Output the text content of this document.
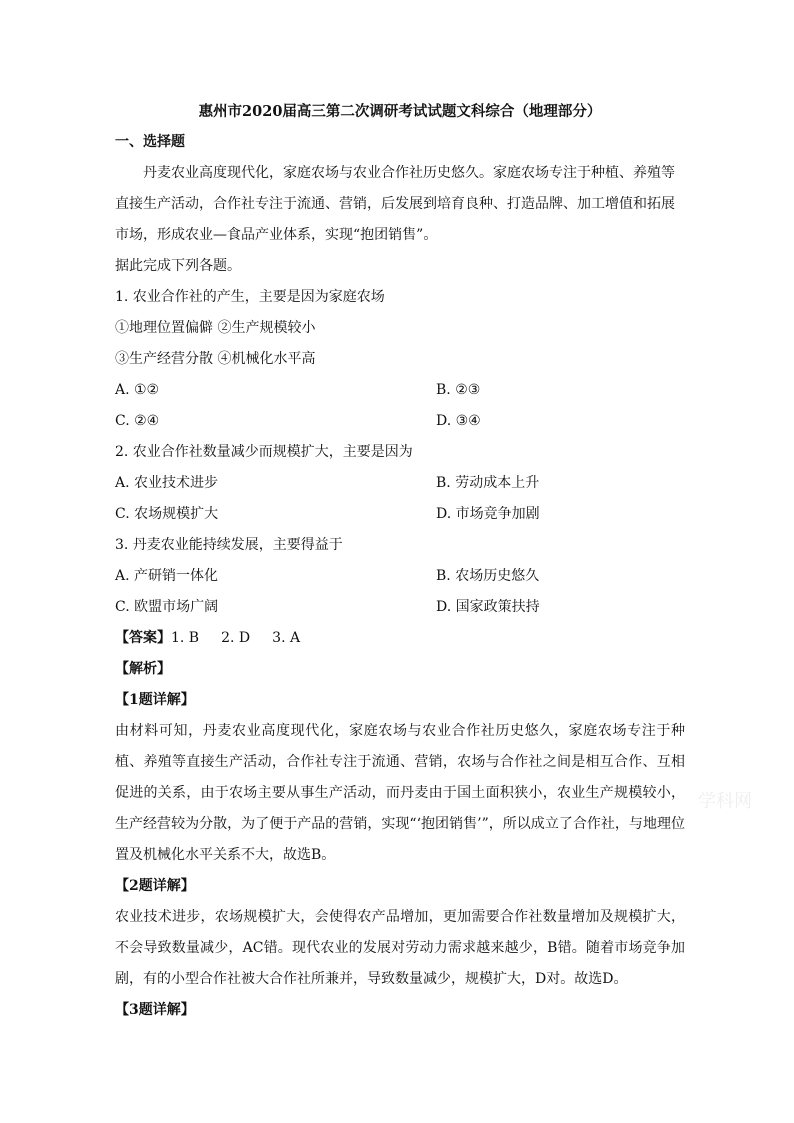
惠州市2020届高三第二次调研考试试题文科综合（地理部分）

一、选择题

丹麦农业高度现代化，家庭农场与农业合作社历史悠久。家庭农场专注于种植、养殖等

直接生产活动，合作社专注于流通、营销，后发展到培育良种、打造品牌、加工增值和拓展

市场，形成农业—食品产业体系，实现“抱团销售”。

据此完成下列各题。

1. 农业合作社的产生，主要是因为家庭农场

①地理位置偏僻 ②生产规模较小

③生产经营分散 ④机械化水平高

A. ①②	B. ②③
C. ②④	D. ③④

2. 农业合作社数量减少而规模扩大，主要是因为

A. 农业技术进步	B. 劳动成本上升
C. 农场规模扩大	D. 市场竞争加剧

3. 丹麦农业能持续发展，主要得益于

A. 产研销一体化	B. 农场历史悠久
C. 欧盟市场广阔	D. 国家政策扶持

【答案】1. B 2. D 3. A

【解析】

【1题详解】

由材料可知，丹麦农业高度现代化，家庭农场与农业合作社历史悠久，家庭农场专注于种植、养殖等直接生产活动，合作社专注于流通、营销，农场与合作社之间是相互合作、互相促进的关系，由于农场主要从事生产活动，而丹麦由于国土面积狭小，农业生产规模较小，生产经营较为分散，为了便于产品的营销，实现“‘抱团销售’”，所以成立了合作社，与地理位置及机械化水平关系不大，故选B。

【2题详解】

农业技术进步，农场规模扩大，会使得农产品增加，更加需要合作社数量增加及规模扩大，不会导致数量减少，AC错。现代农业的发展对劳动力需求越来越少，B错。随着市场竞争加剧，有的小型合作社被大合作社所兼并，导致数量减少，规模扩大，D对。故选D。

【3题详解】

学科网
